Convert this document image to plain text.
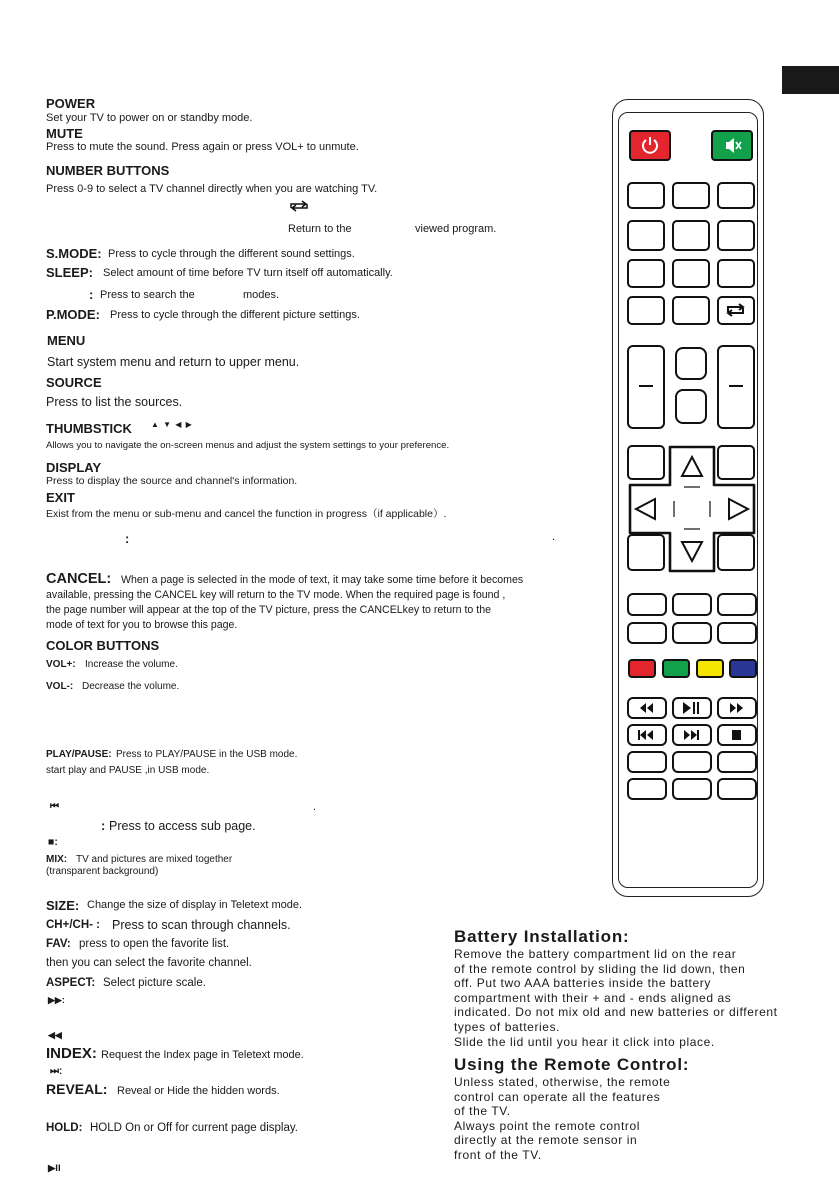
POWER
Set your TV to power on or standby mode.
MUTE
Press to mute the sound. Press again or press VOL+ to unmute.
NUMBER BUTTONS
Press 0-9 to select a TV channel directly when you are watching TV.
Return to the	viewed program.
S.MODE: Press to cycle through the different sound settings.
SLEEP: Select amount of time before TV turn itself off automatically.
: Press to search the	modes.
P.MODE: Press to cycle through the different picture settings.
MENU
Start system menu and return to upper menu.
SOURCE
Press to list the sources.
THUMBSTICK ▲ ▼ ◀ ▶
Allows you to navigate the on-screen menus and adjust the system settings to your preference.
DISPLAY
Press to display the source and channel's information.
EXIT
Exist from the menu or sub-menu and cancel the function in progress（if applicable）.
:	.
CANCEL: When a page is selected in the mode of text, it may take some time before it becomes
available, pressing the CANCEL key will return to the TV mode. When the required page is found ,
the page number will appear at the top of the TV picture, press the CANCELkey to return to the
mode of text for you to browse this page.
COLOR BUTTONS
VOL+: Increase the volume.
VOL-: Decrease the volume.
PLAY/PAUSE: Press to PLAY/PAUSE in the USB mode.
start play and PAUSE ,in USB mode.
⏮	.
: Press to access sub page.
■:
MIX: TV and pictures are mixed together
(transparent background)
SIZE: Change the size of display in Teletext mode.
CH+/CH- : Press to scan through channels.
FAV: press to open the favorite list.
then you can select the favorite channel.
ASPECT: Select picture scale.
▶▶:
◀◀
INDEX: Request the Index page in Teletext mode.
⏭:
REVEAL: Reveal or Hide the hidden words.
HOLD: HOLD On or Off for current page display.
▶II
Battery Installation:
Remove the battery compartment lid on the rear
of the remote control by sliding the lid down, then
off. Put two AAA batteries inside the battery
compartment with their + and - ends aligned as
indicated. Do not mix old and new batteries or different
types of batteries.
Slide the lid until you hear it click into place.
Using the Remote Control:
Unless stated, otherwise, the remote
control can operate all the features
of the TV.
Always point the remote control
directly at the remote sensor in
front of the TV.
